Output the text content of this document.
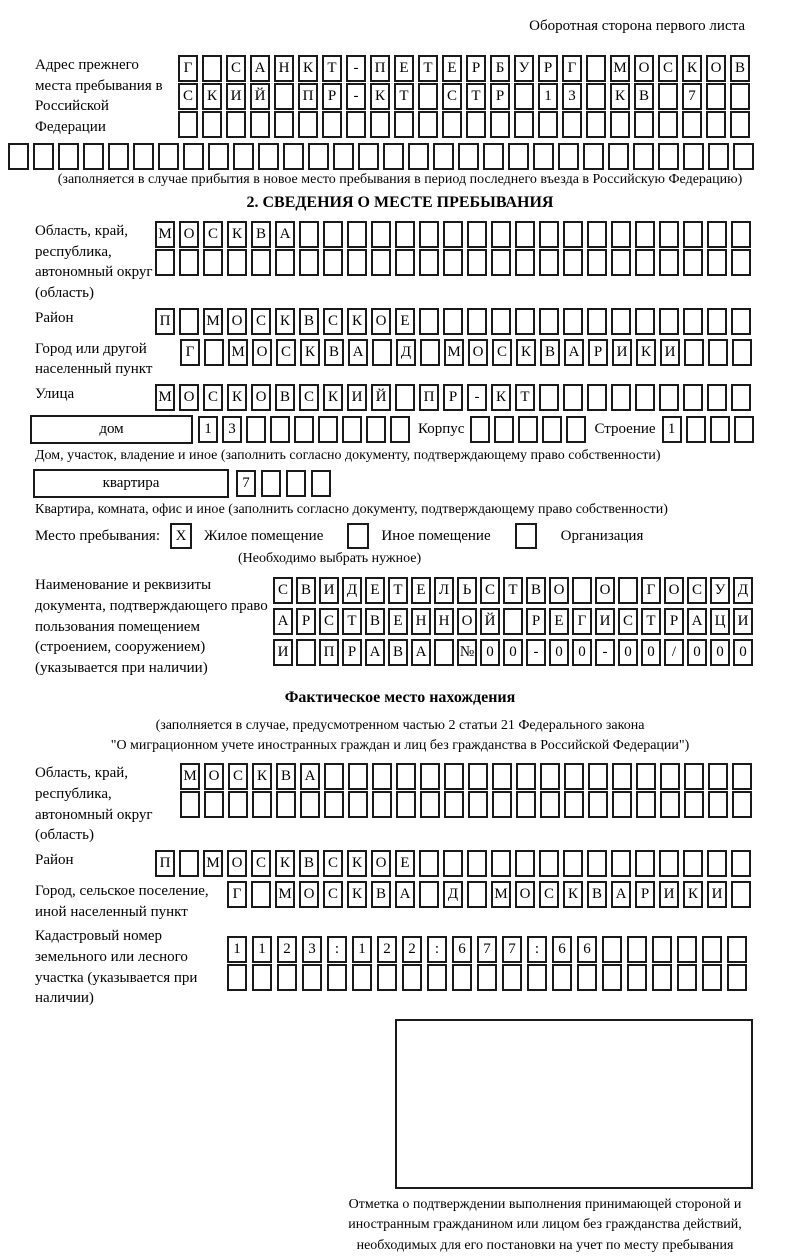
Оборотная сторона первого листа
Адрес прежнего места пребывания в Российской Федерации
Г	С А Н К Т	-	П Е Т Е	Р	Б У Р	Г	М О С К О В
С К И Й	П Р	-	К Т	С Т	Р	1	3	К В	7
(заполняется в случае прибытия в новое место пребывания в период последнего въезда в Российскую Федерацию)
2. СВЕДЕНИЯ О МЕСТЕ ПРЕБЫВАНИЯ
Область, край, республика, автономный округ (область)
М О С К В А
Район	П	М О С К В С К О Е
Город или другой населенный пункт
Г	М О С К В А	Д	М О С К В А Р И К И
Улица	М О С К О В С К И Й	П Р	-	К Т
дом	1	3	Корпус	Строение 1
Дом, участок, владение и иное (заполнить согласно документу, подтверждающему право собственности)
квартира	7
Квартира, комната, офис и иное (заполнить согласно документу, подтверждающему право собственности)
Место пребывания:	X	Жилое помещение	Иное помещение	Организация
(Необходимо выбрать нужное)
Наименование и реквизиты документа, подтверждающего право пользования помещением (строением, сооружением) (указывается при наличии)
С В И Д Е Т Е Л Ь С Т В О	О	Г О С У Д
А Р С Т В Е Н Н О Й	Р Е Г И С Т Р А Ц И
И	П Р А В А	№ 0	0	-	0	0	-	0	0	/	0	0	0
Фактическое место нахождения
(заполняется в случае, предусмотренном частью 2 статьи 21 Федерального закона
"О миграционном учете иностранных граждан и лиц без гражданства в Российской Федерации")
Область, край, республика, автономный округ (область)
М О С К В А
Район	П	М О С К В С К О Е
Город, сельское поселение, иной населенный пункт
Г	М О С К В А	Д	М О С К В А Р И К И
Кадастровый номер земельного или лесного участка (указывается при наличии)
1	1	2	3	:	1	2	2	:	6	7	7	:	6	6
Отметка о подтверждении выполнения принимающей стороной и иностранным гражданином или лицом без гражданства действий, необходимых для его постановки на учет по месту пребывания
